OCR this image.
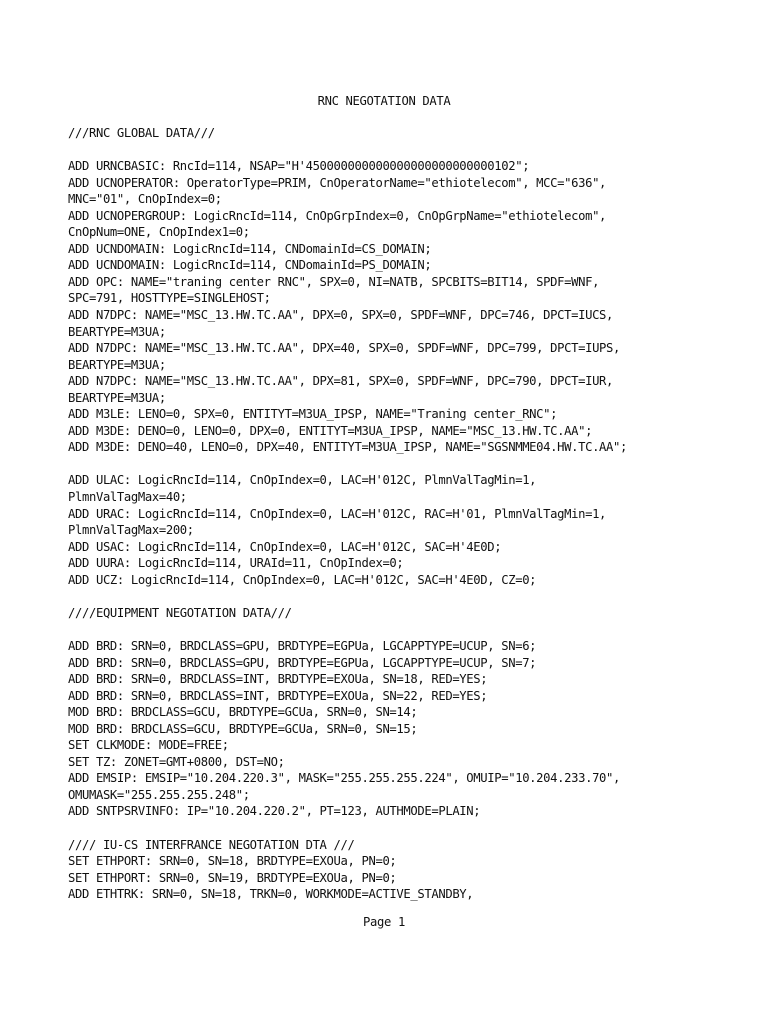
RNC NEGOTATION DATA
///RNC GLOBAL DATA///
ADD URNCBASIC: RncId=114, NSAP="H'450000000000000000000000000102";
ADD UCNOPERATOR: OperatorType=PRIM, CnOperatorName="ethiotelecom", MCC="636",
MNC="01", CnOpIndex=0;
ADD UCNOPERGROUP: LogicRncId=114, CnOpGrpIndex=0, CnOpGrpName="ethiotelecom",
CnOpNum=ONE, CnOpIndex1=0;
ADD UCNDOMAIN: LogicRncId=114, CNDomainId=CS_DOMAIN;
ADD UCNDOMAIN: LogicRncId=114, CNDomainId=PS_DOMAIN;
ADD OPC: NAME="traning center RNC", SPX=0, NI=NATB, SPCBITS=BIT14, SPDF=WNF,
SPC=791, HOSTTYPE=SINGLEHOST;
ADD N7DPC: NAME="MSC_13.HW.TC.AA", DPX=0, SPX=0, SPDF=WNF, DPC=746, DPCT=IUCS,
BEARTYPE=M3UA;
ADD N7DPC: NAME="MSC_13.HW.TC.AA", DPX=40, SPX=0, SPDF=WNF, DPC=799, DPCT=IUPS,
BEARTYPE=M3UA;
ADD N7DPC: NAME="MSC_13.HW.TC.AA", DPX=81, SPX=0, SPDF=WNF, DPC=790, DPCT=IUR,
BEARTYPE=M3UA;
ADD M3LE: LENO=0, SPX=0, ENTITYT=M3UA_IPSP, NAME="Traning center_RNC";
ADD M3DE: DENO=0, LENO=0, DPX=0, ENTITYT=M3UA_IPSP, NAME="MSC_13.HW.TC.AA";
ADD M3DE: DENO=40, LENO=0, DPX=40, ENTITYT=M3UA_IPSP, NAME="SGSNMME04.HW.TC.AA";
ADD ULAC: LogicRncId=114, CnOpIndex=0, LAC=H'012C, PlmnValTagMin=1,
PlmnValTagMax=40;
ADD URAC: LogicRncId=114, CnOpIndex=0, LAC=H'012C, RAC=H'01, PlmnValTagMin=1,
PlmnValTagMax=200;
ADD USAC: LogicRncId=114, CnOpIndex=0, LAC=H'012C, SAC=H'4E0D;
ADD UURA: LogicRncId=114, URAId=11, CnOpIndex=0;
ADD UCZ: LogicRncId=114, CnOpIndex=0, LAC=H'012C, SAC=H'4E0D, CZ=0;
////EQUIPMENT NEGOTATION DATA///
ADD BRD: SRN=0, BRDCLASS=GPU, BRDTYPE=EGPUa, LGCAPPTYPE=UCUP, SN=6;
ADD BRD: SRN=0, BRDCLASS=GPU, BRDTYPE=EGPUa, LGCAPPTYPE=UCUP, SN=7;
ADD BRD: SRN=0, BRDCLASS=INT, BRDTYPE=EXOUa, SN=18, RED=YES;
ADD BRD: SRN=0, BRDCLASS=INT, BRDTYPE=EXOUa, SN=22, RED=YES;
MOD BRD: BRDCLASS=GCU, BRDTYPE=GCUa, SRN=0, SN=14;
MOD BRD: BRDCLASS=GCU, BRDTYPE=GCUa, SRN=0, SN=15;
SET CLKMODE: MODE=FREE;
SET TZ: ZONET=GMT+0800, DST=NO;
ADD EMSIP: EMSIP="10.204.220.3", MASK="255.255.255.224", OMUIP="10.204.233.70",
OMUMASK="255.255.255.248";
ADD SNTPSRVINFO: IP="10.204.220.2", PT=123, AUTHMODE=PLAIN;
//// IU-CS INTERFRANCE NEGOTATION DTA ///
SET ETHPORT: SRN=0, SN=18, BRDTYPE=EXOUa, PN=0;
SET ETHPORT: SRN=0, SN=19, BRDTYPE=EXOUa, PN=0;
ADD ETHTRK: SRN=0, SN=18, TRKN=0, WORKMODE=ACTIVE_STANDBY,
Page 1
